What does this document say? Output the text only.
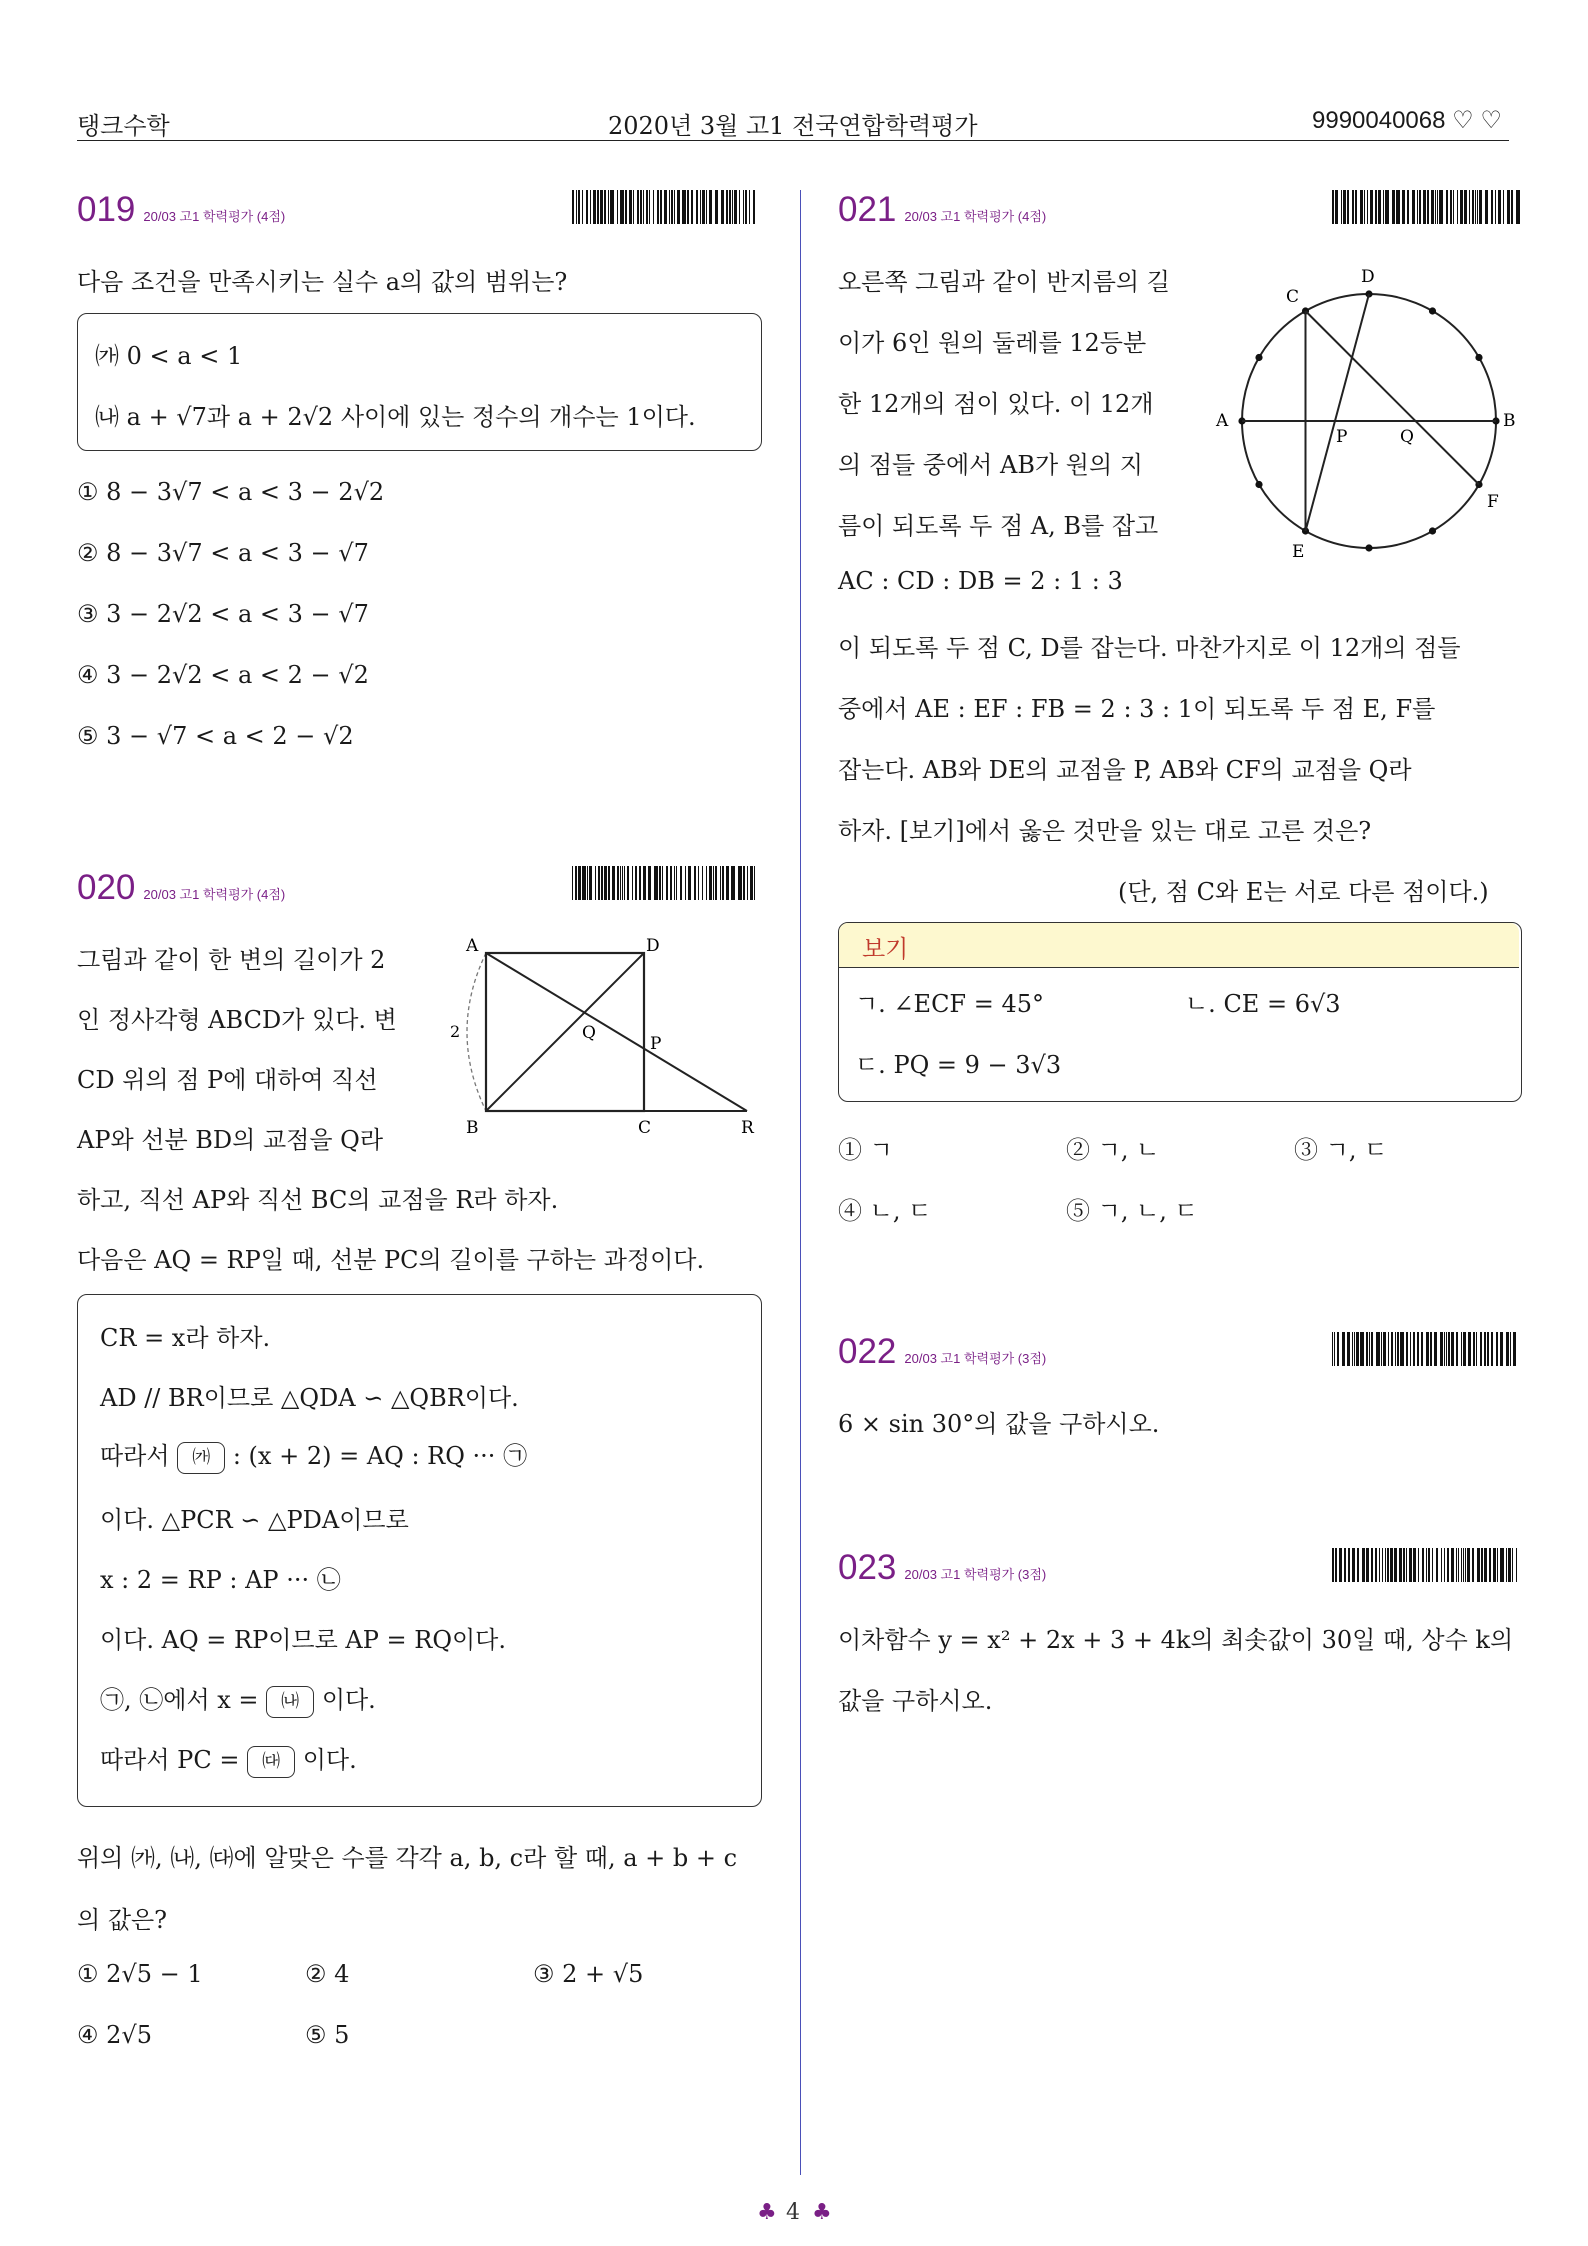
탱크수학	2020년 3월 고1 전국연합학력평가	9990040068 ♡ ♡
019 20/03 고1 학력평가 (4점)
다음 조건을 만족시키는 실수 a의 값의 범위는?
㈎ 0 < a < 1
㈏ a + √7과 a + 2√2 사이에 있는 정수의 개수는 1이다.
① 8 − 3√7 < a < 3 − 2√2
② 8 − 3√7 < a < 3 − √7
③ 3 − 2√2 < a < 3 − √7
④ 3 − 2√2 < a < 2 − √2
⑤ 3 − √7 < a < 2 − √2
020 20/03 고1 학력평가 (4점)
그림과 같이 한 변의 길이가 2
인 정사각형 ABCD가 있다. 변
CD 위의 점 P에 대하여 직선
AP와 선분 BD의 교점을 Q라
하고, 직선 AP와 직선 BC의 교점을 R라 하자.
다음은 AQ = RP일 때, 선분 PC의 길이를 구하는 과정이다.
A	D
B	C	R
P
Q
2
CR = x라 하자.
AD // BR이므로 △QDA ∽ △QBR이다.
따라서 ㈎ : (x + 2) = AQ : RQ ··· ㉠
이다. △PCR ∽ △PDA이므로
x : 2 = RP : AP ··· ㉡
이다. AQ = RP이므로 AP = RQ이다.
㉠, ㉡에서 x = ㈏ 이다.
따라서 PC = ㈐ 이다.
위의 ㈎, ㈏, ㈐에 알맞은 수를 각각 a, b, c라 할 때, a + b + c
의 값은?
① 2√5 − 1	② 4	③ 2 + √5
④ 2√5	⑤ 5
021 20/03 고1 학력평가 (4점)
오른쪽 그림과 같이 반지름의 길
이가 6인 원의 둘레를 12등분
한 12개의 점이 있다. 이 12개
의 점들 중에서 AB가 원의 지
름이 되도록 두 점 A, B를 잡고
AC : CD : DB = 2 : 1 : 3
이 되도록 두 점 C, D를 잡는다. 마찬가지로 이 12개의 점들
중에서 AE : EF : FB = 2 : 3 : 1이 되도록 두 점 E, F를
잡는다. AB와 DE의 교점을 P, AB와 CF의 교점을 Q라
하자. [보기]에서 옳은 것만을 있는 대로 고른 것은?
(단, 점 C와 E는 서로 다른 점이다.)
A	B
C
D
E
F
P	Q
보기
ㄱ. ∠ECF = 45°	ㄴ. CE = 6√3
ㄷ. PQ = 9 − 3√3
① ㄱ	② ㄱ, ㄴ	③ ㄱ, ㄷ
④ ㄴ, ㄷ	⑤ ㄱ, ㄴ, ㄷ
022 20/03 고1 학력평가 (3점)
6 × sin 30°의 값을 구하시오.
023 20/03 고1 학력평가 (3점)
이차함수 y = x² + 2x + 3 + 4k의 최솟값이 30일 때, 상수 k의
값을 구하시오.
♣ 4 ♣
